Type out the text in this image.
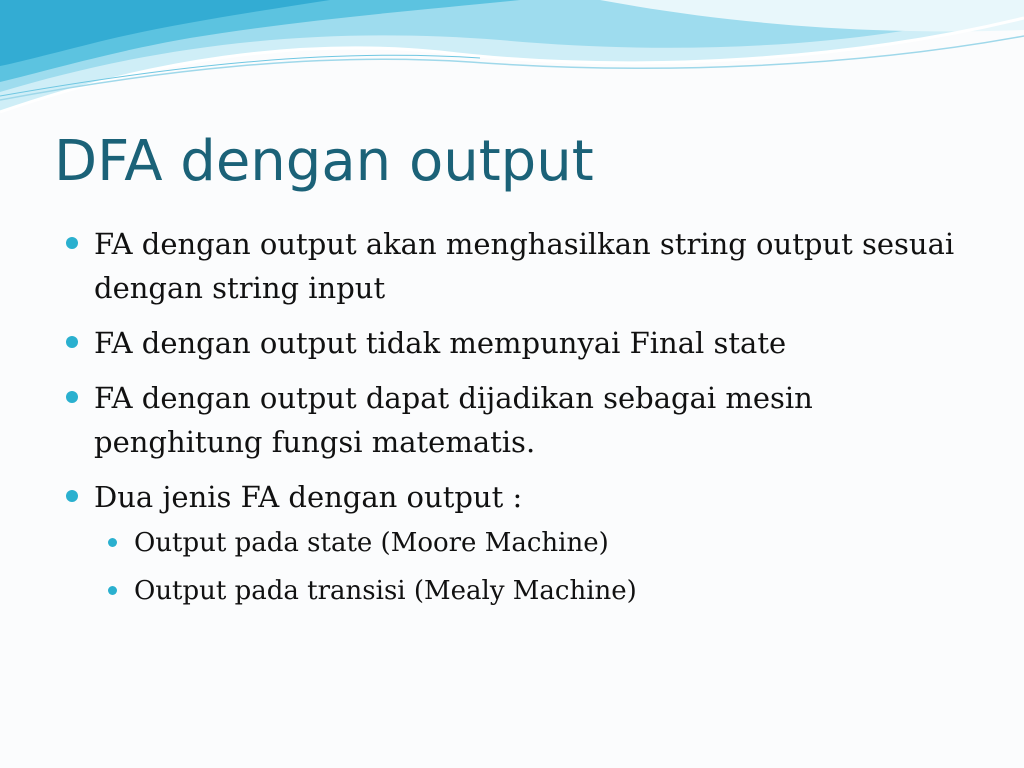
DFA dengan output
FA dengan output akan menghasilkan string output sesuai dengan string input
FA dengan output tidak mempunyai Final state
FA dengan output dapat dijadikan sebagai mesin penghitung fungsi matematis.
Dua jenis FA dengan output :
Output pada state (Moore Machine)
Output pada transisi (Mealy Machine)
